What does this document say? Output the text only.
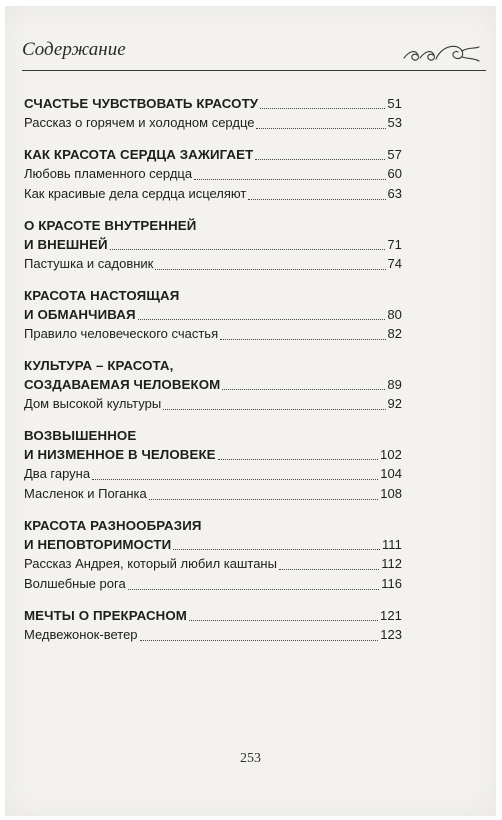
Содержание
СЧАСТЬЕ ЧУВСТВОВАТЬ КРАСОТУ	51
Рассказ о горячем и холодном сердце	53
КАК КРАСОТА СЕРДЦА ЗАЖИГАЕТ	57
Любовь пламенного сердца	60
Как красивые дела сердца исцеляют	63
О КРАСОТЕ ВНУТРЕННЕЙ
И ВНЕШНЕЙ	71
Пастушка и садовник	74
КРАСОТА НАСТОЯЩАЯ
И ОБМАНЧИВАЯ	80
Правило человеческого счастья	82
КУЛЬТУРА – КРАСОТА,
СОЗДАВАЕМАЯ ЧЕЛОВЕКОМ	89
Дом высокой культуры	92
ВОЗВЫШЕННОЕ
И НИЗМЕННОЕ В ЧЕЛОВЕКЕ	102
Два гаруна	104
Масленок и Поганка	108
КРАСОТА РАЗНООБРАЗИЯ
И НЕПОВТОРИМОСТИ	111
Рассказ Андрея, который любил каштаны	112
Волшебные рога	116
МЕЧТЫ О ПРЕКРАСНОМ	121
Медвежонок-ветер	123
253
